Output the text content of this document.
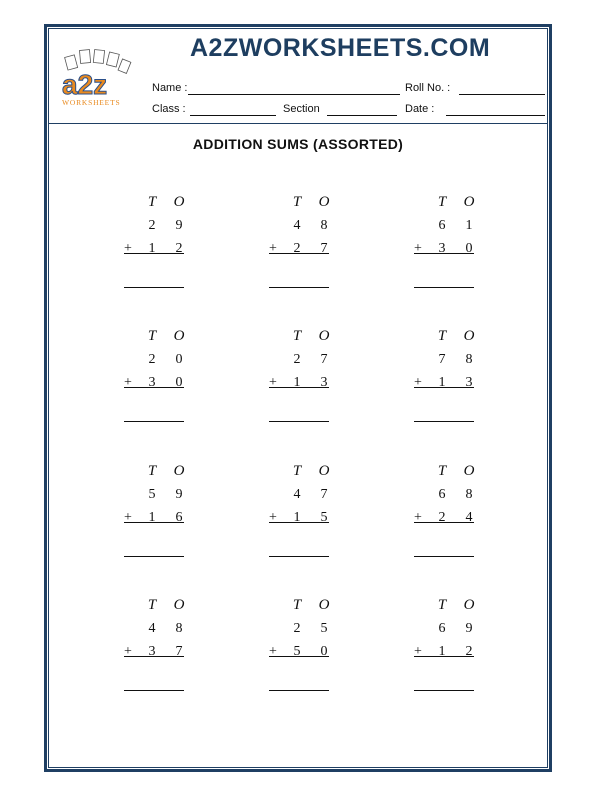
a2z
WORKSHEETS
A2ZWORKSHEETS.COM
Name :	Roll No. :
Class :	Section	Date :
ADDITION SUMS (ASSORTED)
T O
2 9
+ 1 2
T O
4 8
+ 2 7
T O
6 1
+ 3 0
T O
2 0
+ 3 0
T O
2 7
+ 1 3
T O
7 8
+ 1 3
T O
5 9
+ 1 6
T O
4 7
+ 1 5
T O
6 8
+ 2 4
T O
4 8
+ 3 7
T O
2 5
+ 5 0
T O
6 9
+ 1 2
